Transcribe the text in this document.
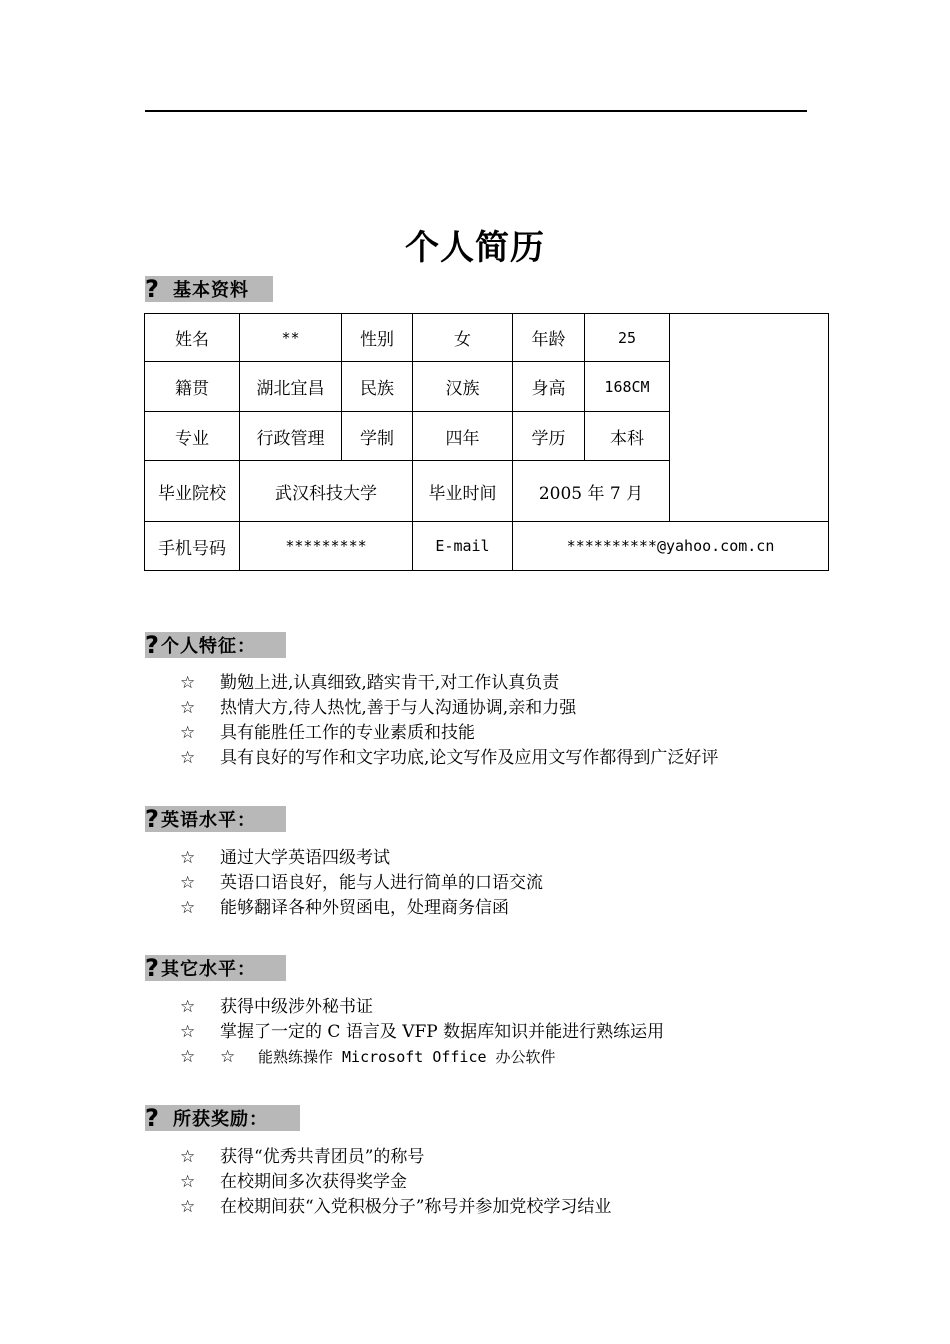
个人简历
? 基本资料
姓名	**	性别	女	年龄	25	
籍贯	湖北宜昌	民族	汉族	身高	168CM	
专业	行政管理	学制	四年	学历	本科	
毕业院校	武汉科技大学		毕业时间	2005 年 7 月		
手机号码	*********		E-mail	**********@yahoo.com.cn		
? 个人特征：
☆	勤勉上进,认真细致,踏实肯干,对工作认真负责
☆	热情大方,待人热忱,善于与人沟通协调,亲和力强
☆	具有能胜任工作的专业素质和技能
☆	具有良好的写作和文字功底,论文写作及应用文写作都得到广泛好评
? 英语水平：
☆	通过大学英语四级考试
☆	英语口语良好，能与人进行简单的口语交流
☆	能够翻译各种外贸函电，处理商务信函
? 其它水平：
☆	获得中级涉外秘书证
☆	掌握了一定的 C 语言及 VFP 数据库知识并能进行熟练运用
☆	☆	能熟练操作 Microsoft Office 办公软件
? 所获奖励：
☆	获得“优秀共青团员”的称号
☆	在校期间多次获得奖学金
☆	在校期间获“入党积极分子”称号并参加党校学习结业
